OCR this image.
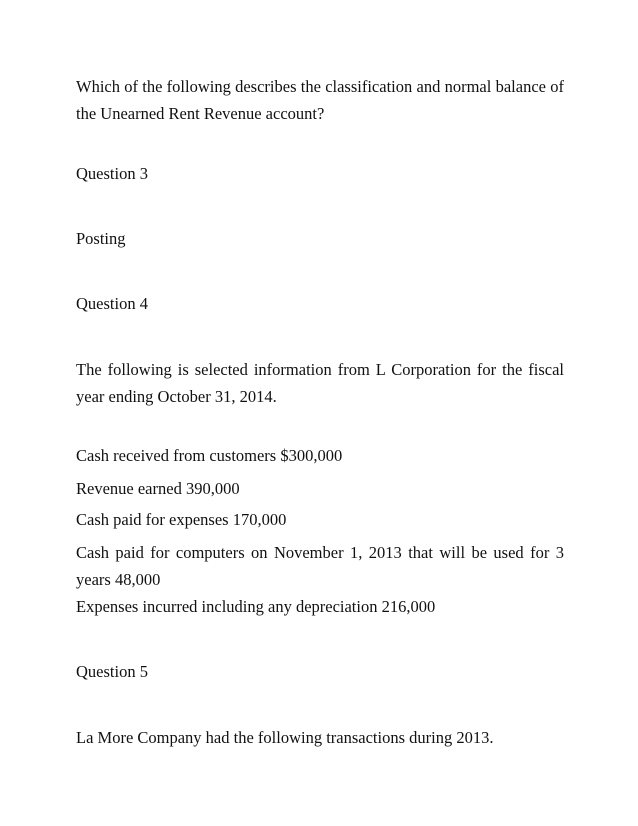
Which of the following describes the classification and normal balance of the Unearned Rent Revenue account?

Question 3

Posting

Question 4

The following is selected information from L Corporation for the fiscal year ending October 31, 2014.

Cash received from customers $300,000

Revenue earned 390,000

Cash paid for expenses 170,000

Cash paid for computers on November 1, 2013 that will be used for 3 years 48,000

Expenses incurred including any depreciation 216,000

Question 5

La More Company had the following transactions during 2013.
